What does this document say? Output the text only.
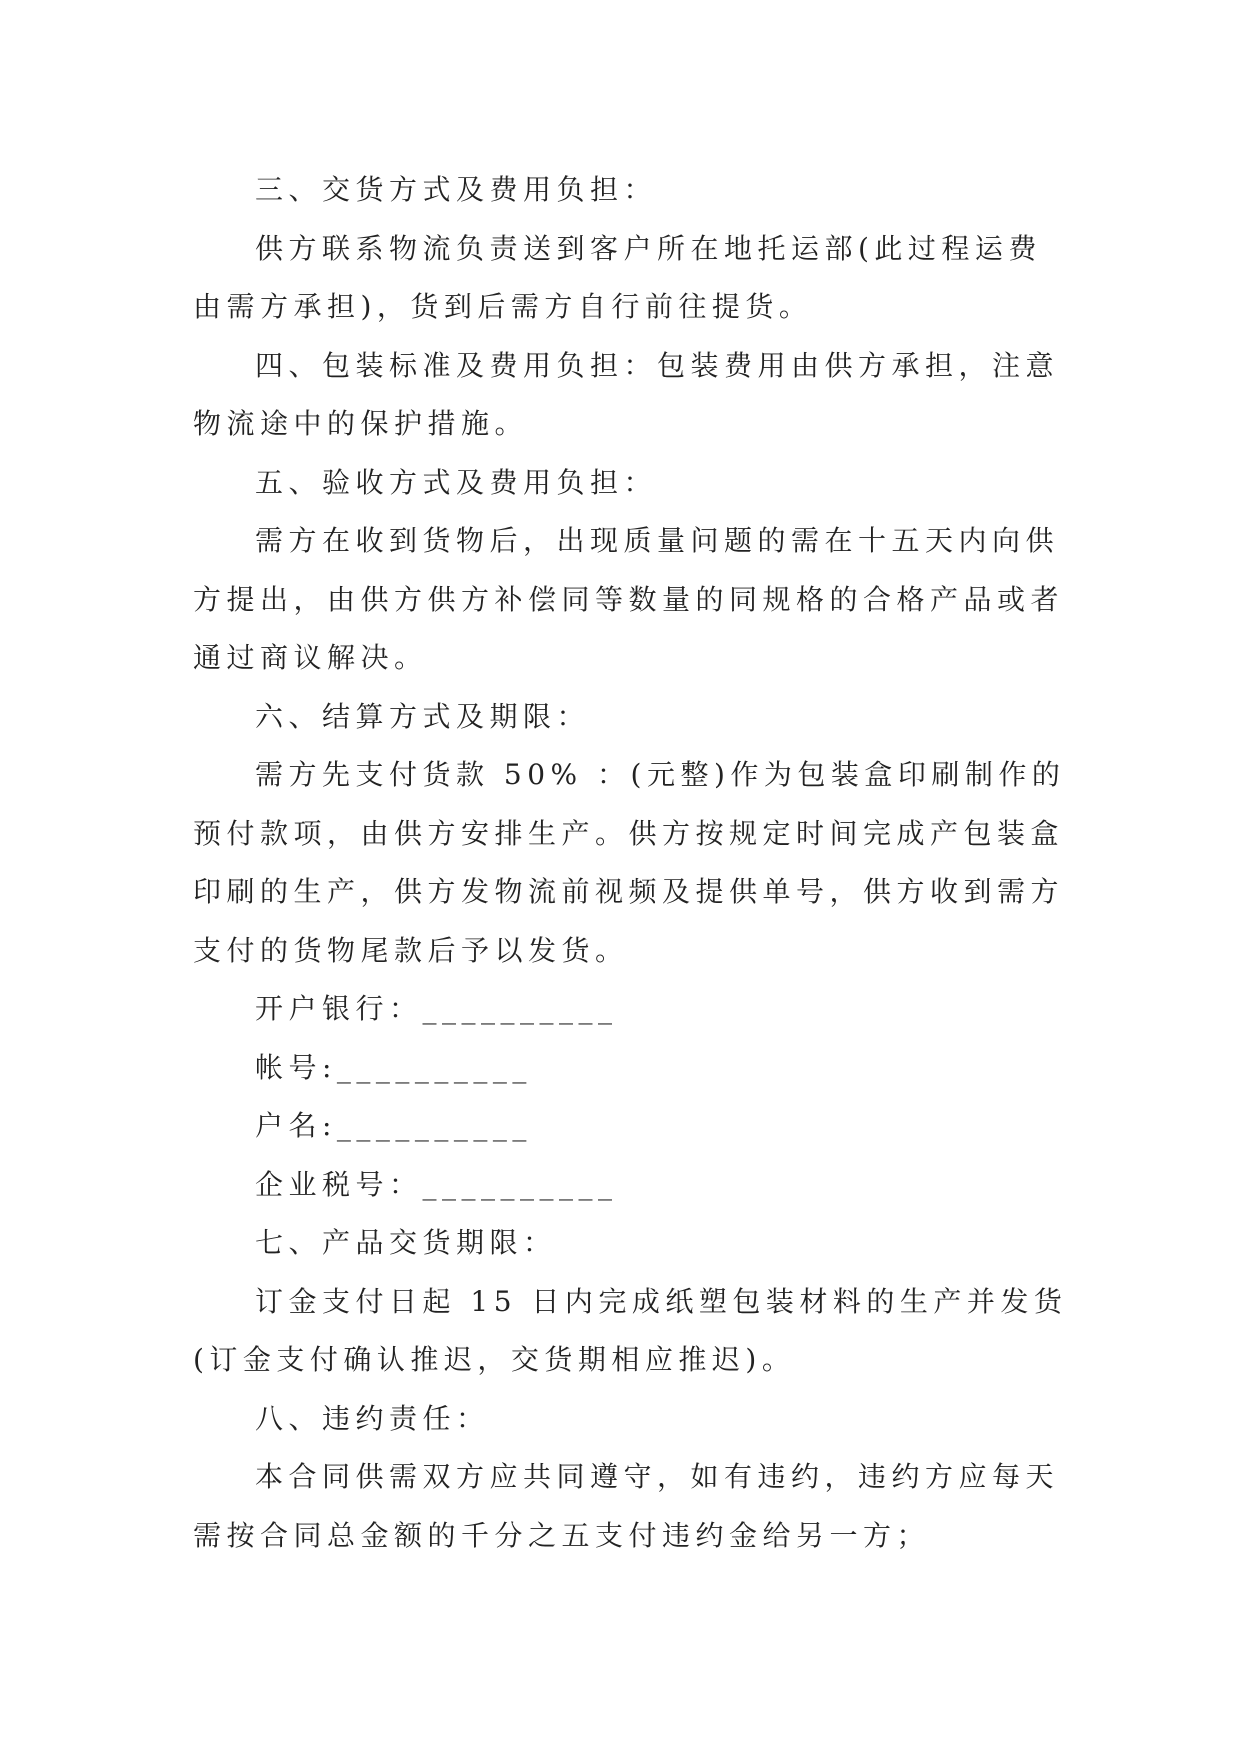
三、交货方式及费用负担：
供方联系物流负责送到客户所在地托运部(此过程运费
由需方承担)，货到后需方自行前往提货。
四、包装标准及费用负担：包装费用由供方承担，注意
物流途中的保护措施。
五、验收方式及费用负担：
需方在收到货物后，出现质量问题的需在十五天内向供
方提出，由供方供方补偿同等数量的同规格的合格产品或者
通过商议解决。
六、结算方式及期限：
需方先支付货款 50% ：(元整)作为包装盒印刷制作的
预付款项，由供方安排生产。供方按规定时间完成产包装盒
印刷的生产，供方发物流前视频及提供单号，供方收到需方
支付的货物尾款后予以发货。
开户银行：__________
帐号:__________
户名:__________
企业税号：__________
七、产品交货期限：
订金支付日起 15 日内完成纸塑包装材料的生产并发货
(订金支付确认推迟，交货期相应推迟)。
八、违约责任：
本合同供需双方应共同遵守，如有违约，违约方应每天
需按合同总金额的千分之五支付违约金给另一方；
